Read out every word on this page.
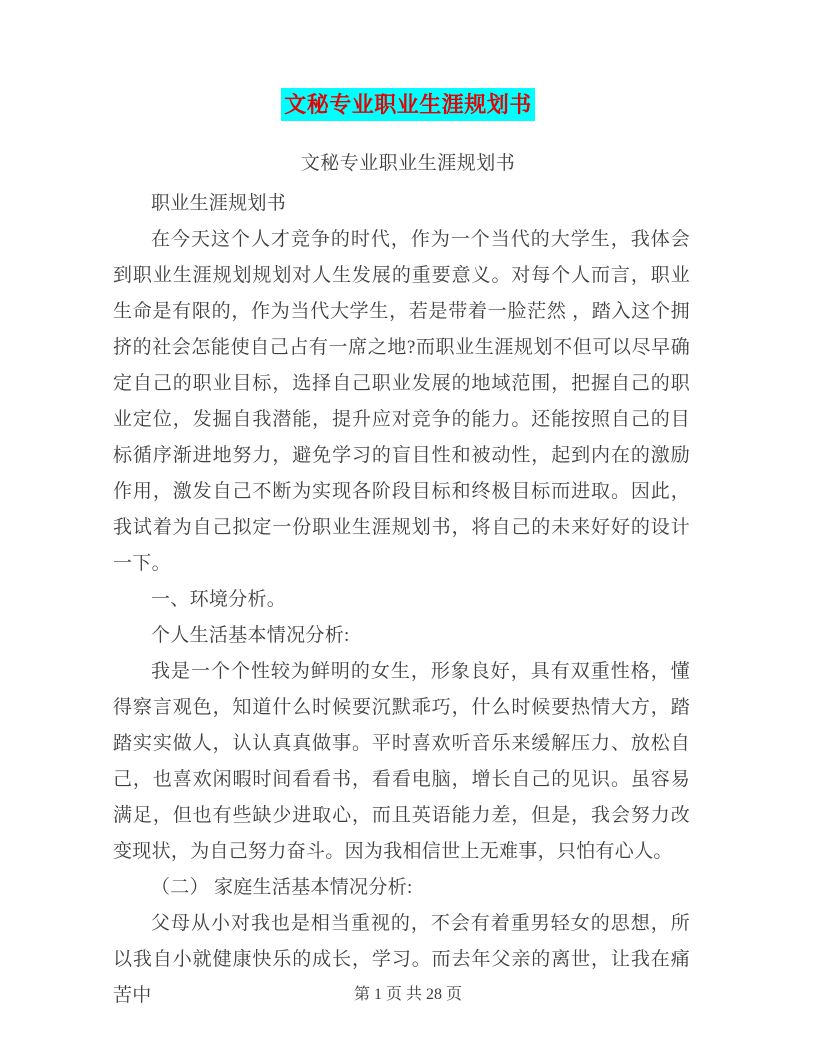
文秘专业职业生涯规划书
文秘专业职业生涯规划书

职业生涯规划书

在今天这个人才竞争的时代，作为一个当代的大学生，我体会到职业生涯规划规划对人生发展的重要意义。对每个人而言，职业生命是有限的，作为当代大学生，若是带着一脸茫然 ，踏入这个拥挤的社会怎能使自己占有一席之地?而职业生涯规划不但可以尽早确定自己的职业目标，选择自己职业发展的地域范围，把握自己的职业定位，发掘自我潜能，提升应对竞争的能力。还能按照自己的目标循序渐进地努力，避免学习的盲目性和被动性，起到内在的激励作用，激发自己不断为实现各阶段目标和终极目标而进取。因此，我试着为自己拟定一份职业生涯规划书，将自己的未来好好的设计一下。

一、环境分析。

个人生活基本情况分析:

我是一个个性较为鲜明的女生，形象良好，具有双重性格，懂得察言观色，知道什么时候要沉默乖巧，什么时候要热情大方，踏踏实实做人，认认真真做事。平时喜欢听音乐来缓解压力、放松自己，也喜欢闲暇时间看看书，看看电脑，增长自己的见识。虽容易满足，但也有些缺少进取心，而且英语能力差，但是，我会努力改变现状，为自己努力奋斗。因为我相信世上无难事，只怕有心人。

（二） 家庭生活基本情况分析:

父母从小对我也是相当重视的，不会有着重男轻女的思想，所以我自小就健康快乐的成长，学习。而去年父亲的离世，让我在痛苦中	第 1 页 共 28 页
